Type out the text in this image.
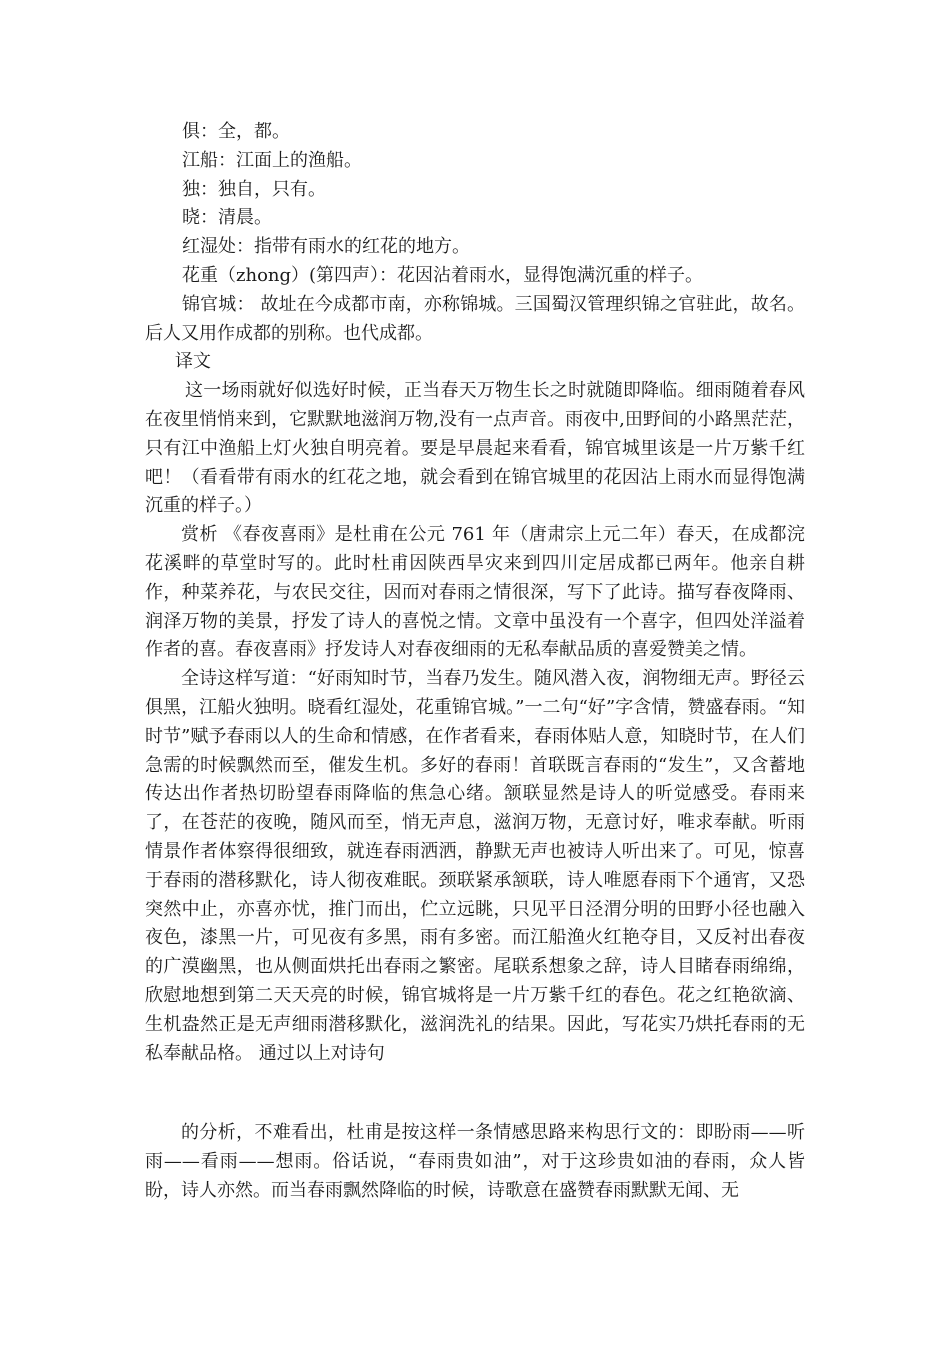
俱：全，都。

江船：江面上的渔船。

独：独自，只有。

晓：清晨。

红湿处：指带有雨水的红花的地方。

花重（zhong）(第四声）：花因沾着雨水，显得饱满沉重的样子。

锦官城： 故址在今成都市南，亦称锦城。三国蜀汉管理织锦之官驻此，故名。后人又用作成都的别称。也代成都。

译文

这一场雨就好似选好时候，正当春天万物生长之时就随即降临。细雨随着春风在夜里悄悄来到，它默默地滋润万物,没有一点声音。雨夜中,田野间的小路黑茫茫，只有江中渔船上灯火独自明亮着。要是早晨起来看看，锦官城里该是一片万紫千红吧！（看看带有雨水的红花之地，就会看到在锦官城里的花因沾上雨水而显得饱满沉重的样子。）

赏析 《春夜喜雨》是杜甫在公元 761 年（唐肃宗上元二年）春天，在成都浣花溪畔的草堂时写的。此时杜甫因陕西旱灾来到四川定居成都已两年。他亲自耕作，种菜养花，与农民交往，因而对春雨之情很深，写下了此诗。描写春夜降雨、润泽万物的美景，抒发了诗人的喜悦之情。文章中虽没有一个喜字，但四处洋溢着作者的喜。春夜喜雨》抒发诗人对春夜细雨的无私奉献品质的喜爱赞美之情。

全诗这样写道：“好雨知时节，当春乃发生。随风潜入夜，润物细无声。野径云俱黑，江船火独明。晓看红湿处，花重锦官城。”一二句“好”字含情，赞盛春雨。“知时节”赋予春雨以人的生命和情感，在作者看来，春雨体贴人意，知晓时节，在人们急需的时候飘然而至，催发生机。多好的春雨！首联既言春雨的“发生”，又含蓄地传达出作者热切盼望春雨降临的焦急心绪。颔联显然是诗人的听觉感受。春雨来了，在苍茫的夜晚，随风而至，悄无声息，滋润万物，无意讨好，唯求奉献。听雨情景作者体察得很细致，就连春雨洒洒，静默无声也被诗人听出来了。可见，惊喜于春雨的潜移默化，诗人彻夜难眠。颈联紧承颔联，诗人唯愿春雨下个通宵，又恐突然中止，亦喜亦忧，推门而出，伫立远眺，只见平日泾渭分明的田野小径也融入夜色，漆黑一片，可见夜有多黑，雨有多密。而江船渔火红艳夺目，又反衬出春夜的广漠幽黑，也从侧面烘托出春雨之繁密。尾联系想象之辞，诗人目睹春雨绵绵，欣慰地想到第二天天亮的时候，锦官城将是一片万紫千红的春色。花之红艳欲滴、生机盎然正是无声细雨潜移默化，滋润洗礼的结果。因此，写花实乃烘托春雨的无私奉献品格。 通过以上对诗句

的分析，不难看出，杜甫是按这样一条情感思路来构思行文的：即盼雨——听雨——看雨——想雨。俗话说，“春雨贵如油”，对于这珍贵如油的春雨，众人皆盼，诗人亦然。而当春雨飘然降临的时候，诗歌意在盛赞春雨默默无闻、无
